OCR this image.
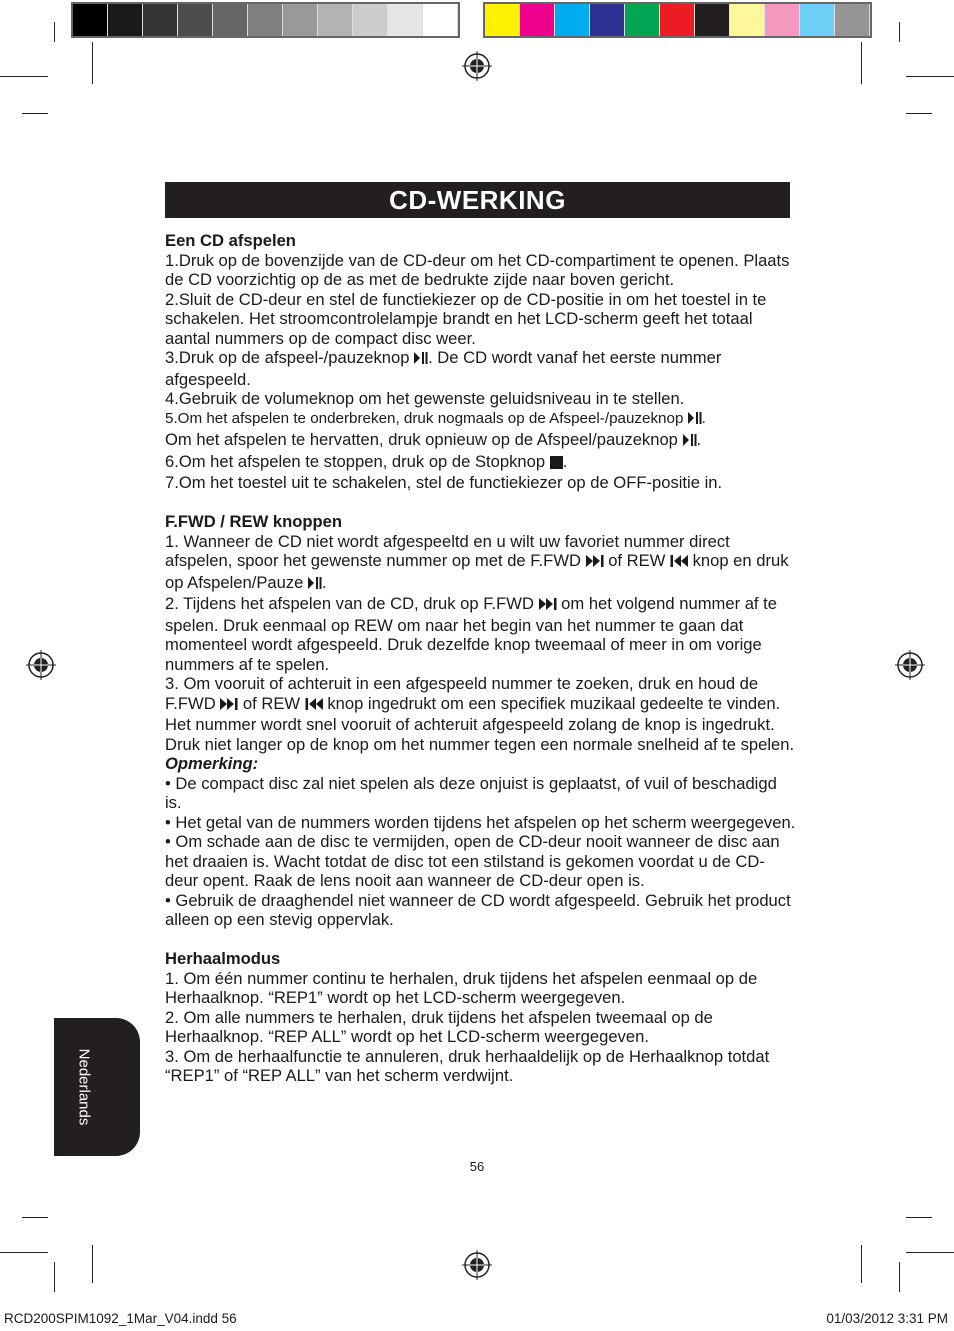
CD-WERKING

Een CD afspelen

1.Druk op de bovenzijde van de CD-deur om het CD-compartiment te openen. Plaats de CD voorzichtig op de as met de bedrukte zijde naar boven gericht.

2.Sluit de CD-deur en stel de functiekiezer op de CD-positie in om het toestel in te schakelen. Het stroomcontrolelampje brandt en het LCD-scherm geeft het totaal aantal nummers op de compact disc weer.

3.Druk op de afspeel-/pauzeknop . De CD wordt vanaf het eerste nummer afgespeeld.

4.Gebruik de volumeknop om het gewenste geluidsniveau in te stellen.

5.Om het afspelen te onderbreken, druk nogmaals op de Afspeel-/pauzeknop .

Om het afspelen te hervatten, druk opnieuw op de Afspeel/pauzeknop .

6.Om het afspelen te stoppen, druk op de Stopknop .

7.Om het toestel uit te schakelen, stel de functiekiezer op de OFF-positie in.

F.FWD / REW knoppen

1. Wanneer de CD niet wordt afgespeeltd en u wilt uw favoriet nummer direct afspelen, spoor het gewenste nummer op met de F.FWD  of REW  knop en druk op Afspelen/Pauze .

2. Tijdens het afspelen van de CD, druk op F.FWD  om het volgend nummer af te spelen. Druk eenmaal op REW om naar het begin van het nummer te gaan dat momenteel wordt afgespeeld. Druk dezelfde knop tweemaal of meer in om vorige nummers af te spelen.

3. Om vooruit of achteruit in een afgespeeld nummer te zoeken, druk en houd de F.FWD  of REW  knop ingedrukt om een specifiek muzikaal gedeelte te vinden. Het nummer wordt snel vooruit of achteruit afgespeeld zolang de knop is ingedrukt. Druk niet langer op de knop om het nummer tegen een normale snelheid af te spelen.

Opmerking:

• De compact disc zal niet spelen als deze onjuist is geplaatst, of vuil of beschadigd is.

• Het getal van de nummers worden tijdens het afspelen op het scherm weergegeven.

• Om schade aan de disc te vermijden, open de CD-deur nooit wanneer de disc aan het draaien is. Wacht totdat de disc tot een stilstand is gekomen voordat u de CD-deur opent. Raak de lens nooit aan wanneer de CD-deur open is.

• Gebruik de draaghendel niet wanneer de CD wordt afgespeeld. Gebruik het product alleen op een stevig oppervlak.

Herhaalmodus

1. Om één nummer continu te herhalen, druk tijdens het afspelen eenmaal op de Herhaalknop. “REP1” wordt op het LCD-scherm weergegeven.

2. Om alle nummers te herhalen, druk tijdens het afspelen tweemaal op de Herhaalknop. “REP ALL” wordt op het LCD-scherm weergegeven.

3. Om de herhaalfunctie te annuleren, druk herhaaldelijk op de Herhaalknop totdat “REP1” of “REP ALL” van het scherm verdwijnt.

Nederlands
56
RCD200SPIM1092_1Mar_V04.indd 56	01/03/2012 3:31 PM
